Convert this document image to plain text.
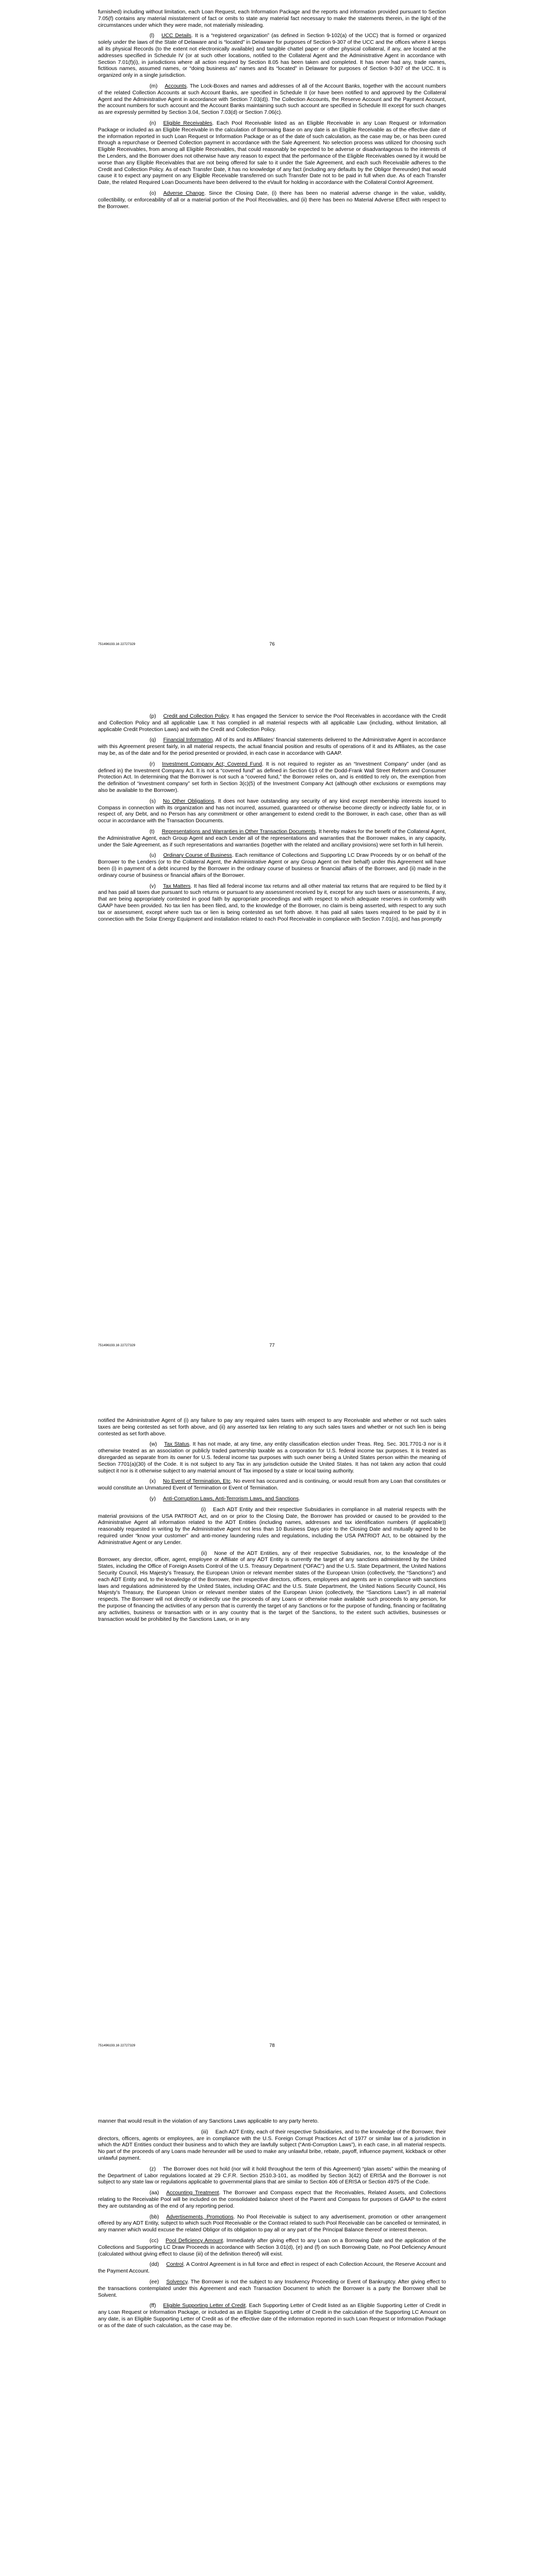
furnished) including without limitation, each Loan Request, each Information Package and the reports and information provided pursuant to Section 7.05(f) contains any material misstatement of fact or omits to state any material fact necessary to make the statements therein, in the light of the circumstances under which they were made, not materially misleading.

(l) UCC Details. It is a “registered organization” (as defined in Section 9-102(a) of the UCC) that is formed or organized solely under the laws of the State of Delaware and is “located” in Delaware for purposes of Section 9-307 of the UCC and the offices where it keeps all its physical Records (to the extent not electronically available) and tangible chattel paper or other physical collateral, if any, are located at the addresses specified in Schedule IV (or at such other locations, notified to the Collateral Agent and the Administrative Agent in accordance with Section 7.01(f)(i), in jurisdictions where all action required by Section 8.05 has been taken and completed. It has never had any, trade names, fictitious names, assumed names, or “doing business as” names and its “located” in Delaware for purposes of Section 9-307 of the UCC. It is organized only in a single jurisdiction.

(m) Accounts. The Lock-Boxes and names and addresses of all of the Account Banks, together with the account numbers of the related Collection Accounts at such Account Banks, are specified in Schedule II (or have been notified to and approved by the Collateral Agent and the Administrative Agent in accordance with Section 7.03(d)). The Collection Accounts, the Reserve Account and the Payment Account, the account numbers for such account and the Account Banks maintaining such such account are specified in Schedule III except for such changes as are expressly permitted by Section 3.04, Section 7.03(d) or Section 7.06(c).

(n) Eligible Receivables. Each Pool Receivable listed as an Eligible Receivable in any Loan Request or Information Package or included as an Eligible Receivable in the calculation of Borrowing Base on any date is an Eligible Receivable as of the effective date of the information reported in such Loan Request or Information Package or as of the date of such calculation, as the case may be, or has been cured through a repurchase or Deemed Collection payment in accordance with the Sale Agreement. No selection process was utilized for choosing such Eligible Receivables, from among all Eligible Receivables, that could reasonably be expected to be adverse or disadvantageous to the interests of the Lenders, and the Borrower does not otherwise have any reason to expect that the performance of the Eligible Receivables owned by it would be worse than any Eligible Receivables that are not being offered for sale to it under the Sale Agreement, and each such Receivable adheres to the Credit and Collection Policy. As of each Transfer Date, it has no knowledge of any fact (including any defaults by the Obligor thereunder) that would cause it to expect any payment on any Eligible Receivable transferred on such Transfer Date not to be paid in full when due. As of each Transfer Date, the related Required Loan Documents have been delivered to the eVault for holding in accordance with the Collateral Control Agreement.

(o) Adverse Change. Since the Closing Date, (i) there has been no material adverse change in the value, validity, collectibility, or enforceability of all or a material portion of the Pool Receivables, and (ii) there has been no Material Adverse Effect with respect to the Borrower.

751496193.16 22727329	76

(p) Credit and Collection Policy. It has engaged the Servicer to service the Pool Receivables in accordance with the Credit and Collection Policy and all applicable Law. It has complied in all material respects with all applicable Law (including, without limitation, all applicable Credit Protection Laws) and with the Credit and Collection Policy.

(q) Financial Information. All of its and its Affiliates’ financial statements delivered to the Administrative Agent in accordance with this Agreement present fairly, in all material respects, the actual financial position and results of operations of it and its Affiliates, as the case may be, as of the date and for the period presented or provided, in each case in accordance with GAAP.

(r) Investment Company Act; Covered Fund. It is not required to register as an “Investment Company” under (and as defined in) the Investment Company Act. It is not a “covered fund” as defined in Section 619 of the Dodd-Frank Wall Street Reform and Consumer Protection Act. In determining that the Borrower is not such a “covered fund,” the Borrower relies on, and is entitled to rely on, the exemption from the definition of “investment company” set forth in Section 3(c)(5) of the Investment Company Act (although other exclusions or exemptions may also be available to the Borrower).

(s) No Other Obligations. It does not have outstanding any security of any kind except membership interests issued to Compass in connection with its organization and has not incurred, assumed, guaranteed or otherwise become directly or indirectly liable for, or in respect of, any Debt, and no Person has any commitment or other arrangement to extend credit to the Borrower, in each case, other than as will occur in accordance with the Transaction Documents.

(t) Representations and Warranties in Other Transaction Documents. It hereby makes for the benefit of the Collateral Agent, the Administrative Agent, each Group Agent and each Lender all of the representations and warranties that the Borrower makes, in any capacity, under the Sale Agreement, as if such representations and warranties (together with the related and ancillary provisions) were set forth in full herein.

(u) Ordinary Course of Business. Each remittance of Collections and Supporting LC Draw Proceeds by or on behalf of the Borrower to the Lenders (or to the Collateral Agent, the Administrative Agent or any Group Agent on their behalf) under this Agreement will have been (i) in payment of a debt incurred by the Borrower in the ordinary course of business or financial affairs of the Borrower, and (ii) made in the ordinary course of business or financial affairs of the Borrower.

(v) Tax Matters. It has filed all federal income tax returns and all other material tax returns that are required to be filed by it and has paid all taxes due pursuant to such returns or pursuant to any assessment received by it, except for any such taxes or assessments, if any, that are being appropriately contested in good faith by appropriate proceedings and with respect to which adequate reserves in conformity with GAAP have been provided. No tax lien has been filed, and, to the knowledge of the Borrower, no claim is being asserted, with respect to any such tax or assessment, except where such tax or lien is being contested as set forth above. It has paid all sales taxes required to be paid by it in connection with the Solar Energy Equipment and installation related to each Pool Receivable in compliance with Section 7.01(o), and has promptly

751496193.16 22727329	77

notified the Administrative Agent of (i) any failure to pay any required sales taxes with respect to any Receivable and whether or not such sales taxes are being contested as set forth above, and (ii) any asserted tax lien relating to any such sales taxes and whether or not such lien is being contested as set forth above.

(w) Tax Status. It has not made, at any time, any entity classification election under Treas. Reg. Sec. 301.7701-3 nor is it otherwise treated as an association or publicly traded partnership taxable as a corporation for U.S. federal income tax purposes. It is treated as disregarded as separate from its owner for U.S. federal income tax purposes with such owner being a United States person within the meaning of Section 7701(a)(30) of the Code. It is not subject to any Tax in any jurisdiction outside the United States. It has not taken any action that could subject it nor is it otherwise subject to any material amount of Tax imposed by a state or local taxing authority.

(x) No Event of Termination, Etc. No event has occurred and is continuing, or would result from any Loan that constitutes or would constitute an Unmatured Event of Termination or Event of Termination.

(y) Anti-Corruption Laws, Anti-Terrorism Laws, and Sanctions.

(i) Each ADT Entity and their respective Subsidiaries in compliance in all material respects with the material provisions of the USA PATRIOT Act, and on or prior to the Closing Date, the Borrower has provided or caused to be provided to the Administrative Agent all information related to the ADT Entities (including names, addresses and tax identification numbers (if applicable)) reasonably requested in writing by the Administrative Agent not less than 10 Business Days prior to the Closing Date and mutually agreed to be required under “know your customer” and anti-money laundering rules and regulations, including the USA PATRIOT Act, to be obtained by the Administrative Agent or any Lender.

(ii) None of the ADT Entities, any of their respective Subsidiaries, nor, to the knowledge of the Borrower, any director, officer, agent, employee or Affiliate of any ADT Entity is currently the target of any sanctions administered by the United States, including the Office of Foreign Assets Control of the U.S. Treasury Department (“OFAC”) and the U.S. State Department, the United Nations Security Council, His Majesty’s Treasury, the European Union or relevant member states of the European Union (collectively, the “Sanctions”) and each ADT Entity and, to the knowledge of the Borrower, their respective directors, officers, employees and agents are in compliance with sanctions laws and regulations administered by the United States, including OFAC and the U.S. State Department, the United Nations Security Council, His Majesty’s Treasury, the European Union or relevant member states of the European Union (collectively, the “Sanctions Laws”) in all material respects. The Borrower will not directly or indirectly use the proceeds of any Loans or otherwise make available such proceeds to any person, for the purpose of financing the activities of any person that is currently the target of any Sanctions or for the purpose of funding, financing or facilitating any activities, business or transaction with or in any country that is the target of the Sanctions, to the extent such activities, businesses or transaction would be prohibited by the Sanctions Laws, or in any

751496193.16 22727329	78

manner that would result in the violation of any Sanctions Laws applicable to any party hereto.

(iii) Each ADT Entity, each of their respective Subsidiaries, and to the knowledge of the Borrower, their directors, officers, agents or employees, are in compliance with the U.S. Foreign Corrupt Practices Act of 1977 or similar law of a jurisdiction in which the ADT Entities conduct their business and to which they are lawfully subject (“Anti-Corruption Laws”), in each case, in all material respects. No part of the proceeds of any Loans made hereunder will be used to make any unlawful bribe, rebate, payoff, influence payment, kickback or other unlawful payment.

(z) The Borrower does not hold (nor will it hold throughout the term of this Agreement) “plan assets” within the meaning of the Department of Labor regulations located at 29 C.F.R. Section 2510.3-101, as modified by Section 3(42) of ERISA and the Borrower is not subject to any state law or regulations applicable to governmental plans that are similar to Section 406 of ERISA or Section 4975 of the Code.

(aa) Accounting Treatment. The Borrower and Compass expect that the Receivables, Related Assets, and Collections relating to the Receivable Pool will be included on the consolidated balance sheet of the Parent and Compass for purposes of GAAP to the extent they are outstanding as of the end of any reporting period.

(bb) Advertisements, Promotions. No Pool Receivable is subject to any advertisement, promotion or other arrangement offered by any ADT Entity, subject to which such Pool Receivable or the Contract related to such Pool Receivable can be cancelled or terminated, in any manner which would excuse the related Obligor of its obligation to pay all or any part of the Principal Balance thereof or interest thereon.

(cc) Pool Deficiency Amount. Immediately after giving effect to any Loan on a Borrowing Date and the application of the Collections and Supporting LC Draw Proceeds in accordance with Section 3.01(d), (e) and (f) on such Borrowing Date, no Pool Deficiency Amount (calculated without giving effect to clause (iii) of the definition thereof) will exist.

(dd) Control. A Control Agreement is in full force and effect in respect of each Collection Account, the Reserve Account and the Payment Account.

(ee) Solvency. The Borrower is not the subject to any Insolvency Proceeding or Event of Bankruptcy. After giving effect to the transactions contemplated under this Agreement and each Transaction Document to which the Borrower is a party the Borrower shall be Solvent.

(ff) Eligible Supporting Letter of Credit. Each Supporting Letter of Credit listed as an Eligible Supporting Letter of Credit in any Loan Request or Information Package, or included as an Eligible Supporting Letter of Credit in the calculation of the Supporting LC Amount on any date, is an Eligible Supporting Letter of Credit as of the effective date of the information reported in such Loan Request or Information Package or as of the date of such calculation, as the case may be.
